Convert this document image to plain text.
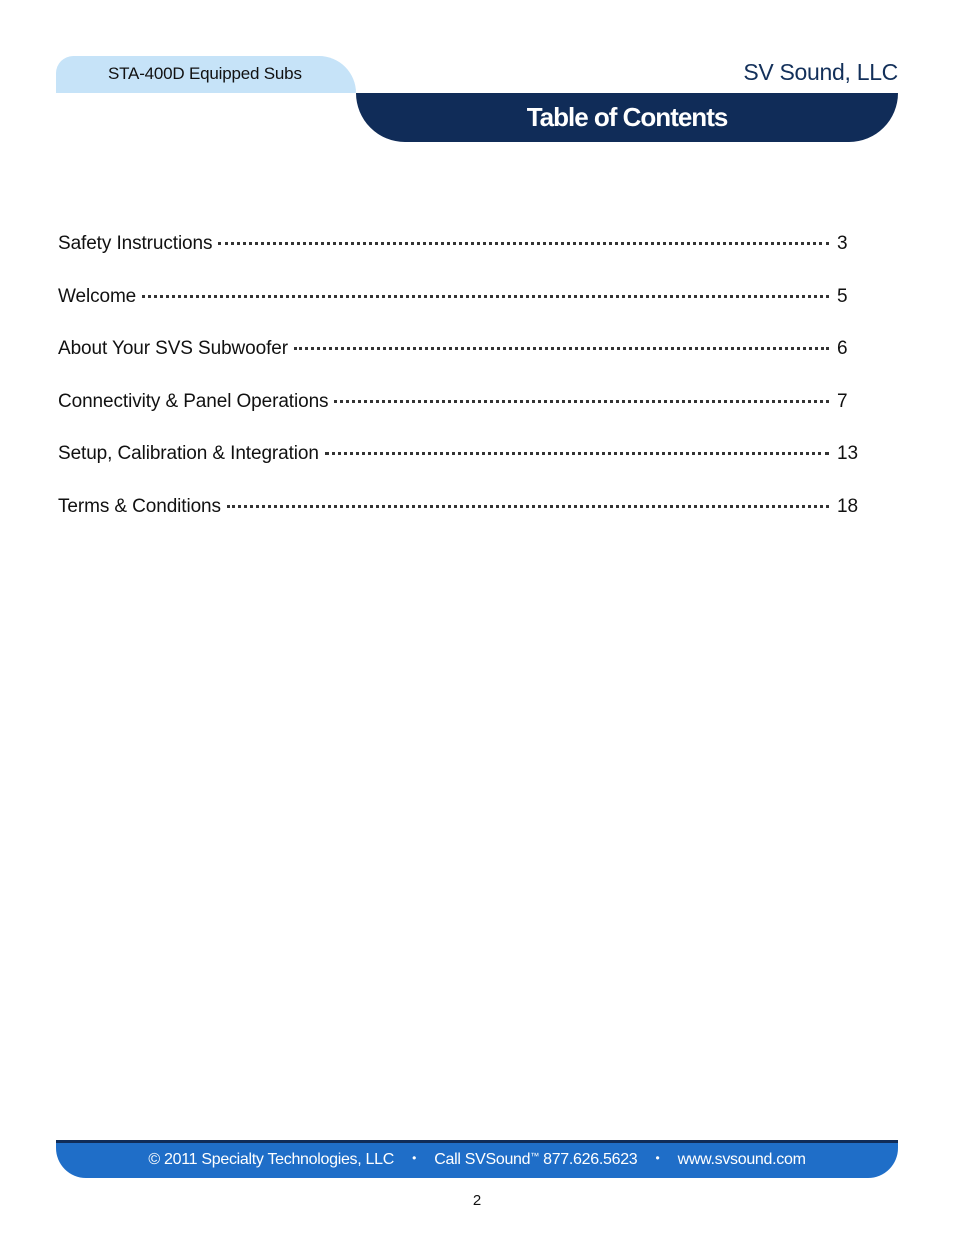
STA-400D Equipped Subs	SV Sound, LLC
Table of Contents
Safety Instructions	3
Welcome	5
About Your SVS Subwoofer	6
Connectivity & Panel Operations	7
Setup, Calibration & Integration	13
Terms & Conditions	18
© 2011 Specialty Technologies, LLC • Call SVSound™ 877.626.5623 • www.svsound.com
2
